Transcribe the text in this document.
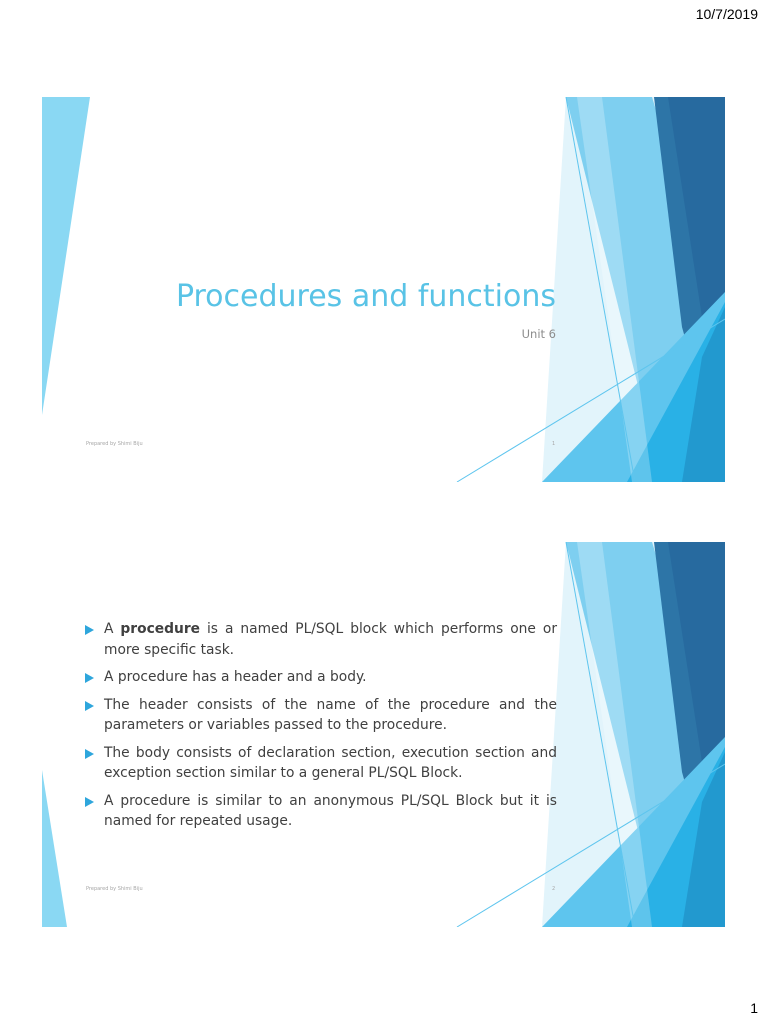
10/7/2019
Procedures and functions
Unit 6
Prepared by Shimi Biju	1
A procedure is a named PL/SQL block which performs one or more specific task.
A procedure has a header and a body.
The header consists of the name of the procedure and the parameters or variables passed to the procedure.
The body consists of declaration section, execution section and exception section similar to a general PL/SQL Block.
A procedure is similar to an anonymous PL/SQL Block but it is named for repeated usage.
Prepared by Shimi Biju	2
1
